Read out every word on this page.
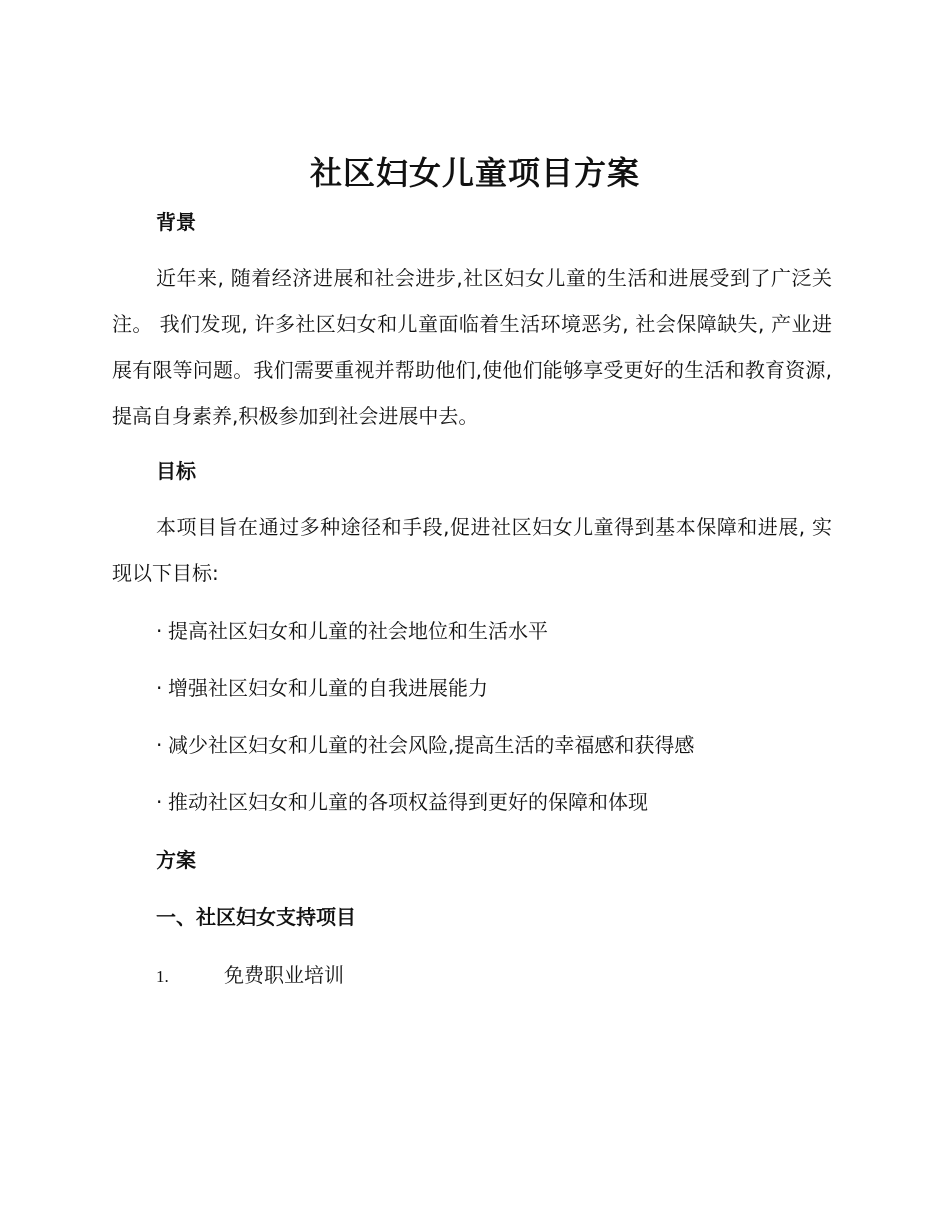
社区妇女儿童项目方案
背景
近年来, 随着经济进展和社会进步,社区妇女儿童的生活和进展受到了广泛关注。 我们发现, 许多社区妇女和儿童面临着生活环境恶劣, 社会保障缺失, 产业进展有限等问题。我们需要重视并帮助他们,使他们能够享受更好的生活和教育资源,提高自身素养,积极参加到社会进展中去。
目标
本项目旨在通过多种途径和手段,促进社区妇女儿童得到基本保障和进展, 实现以下目标:
· 提高社区妇女和儿童的社会地位和生活水平
· 增强社区妇女和儿童的自我进展能力
· 减少社区妇女和儿童的社会风险,提高生活的幸福感和获得感
· 推动社区妇女和儿童的各项权益得到更好的保障和体现
方案
一、社区妇女支持项目
1.	免费职业培训
